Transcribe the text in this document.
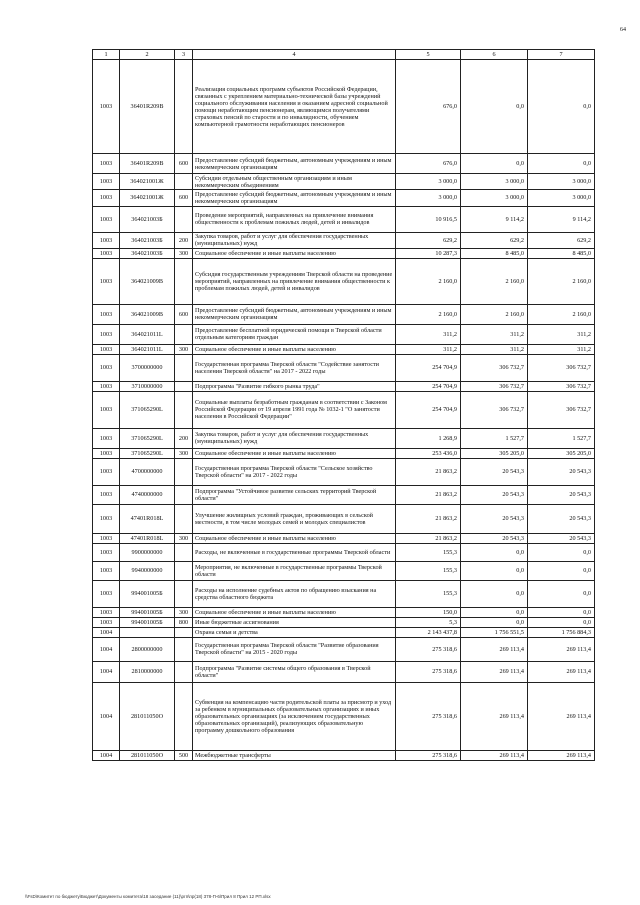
64
1	2	3	4	5	6	7
1003	36401R209B		Реализация социальных программ субъектов Российской Федерации, связанных с укреплением материально-технической базы учреждений социального обслуживания населения и оказанием адресной социальной помощи неработающим пенсионерам, являющимся получателями страховых пенсий по старости и по инвалидности, обучением компьютерной грамотности неработающих пенсионеров	676,0	0,0	0,0
1003	36401R209B	600	Предоставление субсидий бюджетным, автономным учреждениям и иным некоммерческим организациям	676,0	0,0	0,0
1003	364021001Ж		Субсидии отдельным общественным организациям и иным некоммерческим объединениям	3 000,0	3 000,0	3 000,0
1003	364021001Ж	600	Предоставление субсидий бюджетным, автономным учреждениям и иным некоммерческим организациям	3 000,0	3 000,0	3 000,0
1003	364021003Б		Проведение мероприятий, направленных на привлечение внимания общественности к проблемам пожилых людей, детей и инвалидов	10 916,5	9 114,2	9 114,2
1003	364021003Б	200	Закупка товаров, работ и услуг для обеспечения государственных (муниципальных) нужд	629,2	629,2	629,2
1003	364021003Б	300	Социальное обеспечение и иные выплаты населению	10 287,3	8 485,0	8 485,0
1003	364021009В		Субсидия государственным учреждениям Тверской области на проведение мероприятий, направленных на привлечение внимания общественности к проблемам пожилых людей, детей и инвалидов	2 160,0	2 160,0	2 160,0
1003	364021009В	600	Предоставление субсидий бюджетным, автономным учреждениям и иным некоммерческим организациям	2 160,0	2 160,0	2 160,0
1003	364021011L		Предоставление бесплатной юридической помощи в Тверской области отдельным категориям граждан	311,2	311,2	311,2
1003	364021011L	300	Социальное обеспечение и иные выплаты населению	311,2	311,2	311,2
1003	3700000000		Государственная программа Тверской области "Содействие занятости населения Тверской области" на 2017 - 2022 годы	254 704,9	306 732,7	306 732,7
1003	3710000000		Подпрограмма "Развитие гибкого рынка труда"	254 704,9	306 732,7	306 732,7
1003	371065290L		Социальные выплаты безработным гражданам в соответствии с Законом Российской Федерации от 19 апреля 1991 года № 1032-1 "О занятости населения в Российской Федерации"	254 704,9	306 732,7	306 732,7
1003	371065290L	200	Закупка товаров, работ и услуг для обеспечения государственных (муниципальных) нужд	1 268,9	1 527,7	1 527,7
1003	371065290L	300	Социальное обеспечение и иные выплаты населению	253 436,0	305 205,0	305 205,0
1003	4700000000		Государственная программа Тверской области "Сельское хозяйство Тверской области" на 2017 - 2022 годы	21 863,2	20 543,3	20 543,3
1003	4740000000		Подпрограмма "Устойчивое развитие сельских территорий Тверской области"	21 863,2	20 543,3	20 543,3
1003	47401R018L		Улучшение жилищных условий граждан, проживающих в сельской местности, в том числе молодых семей и молодых специалистов	21 863,2	20 543,3	20 543,3
1003	47401R018L	300	Социальное обеспечение и иные выплаты населению	21 863,2	20 543,3	20 543,3
1003	9900000000		Расходы, не включенные в государственные программы Тверской области	155,3	0,0	0,0
1003	9940000000		Мероприятия, не включенные в государственные программы Тверской области	155,3	0,0	0,0
1003	994001005Б		Расходы на исполнение судебных актов по обращению взыскания на средства областного бюджета	155,3	0,0	0,0
1003	994001005Б	300	Социальное обеспечение и иные выплаты населению	150,0	0,0	0,0
1003	994001005Б	800	Иные бюджетные ассигнования	5,3	0,0	0,0
1004			Охрана семьи и детства	2 143 437,8	1 756 551,5	1 756 884,3
1004	2800000000		Государственная программа Тверской области "Развитие образования Тверской области" на 2015 - 2020 годы	275 318,6	269 113,4	269 113,4
1004	2810000000		Подпрограмма "Развитие системы общего образования в Тверской области"	275 318,6	269 113,4	269 113,4
1004	281011050О		Субвенция на компенсацию части родительской платы за присмотр и уход за ребенком в муниципальных образовательных организациях и иных образовательных организациях (за исключением государственных образовательных организаций), реализующих образовательную программу дошкольного образования	275 318,6	269 113,4	269 113,4
1004	281011050О	500	Межбюджетные трансферты	275 318,6	269 113,4	269 113,4
\\FsD\Комитет по бюджету\Бюджет\Документы комитета\18 заседание (11)\ргп\пр(18) 378-П-6\Прил 8 Прил 12 РП.xlsx
